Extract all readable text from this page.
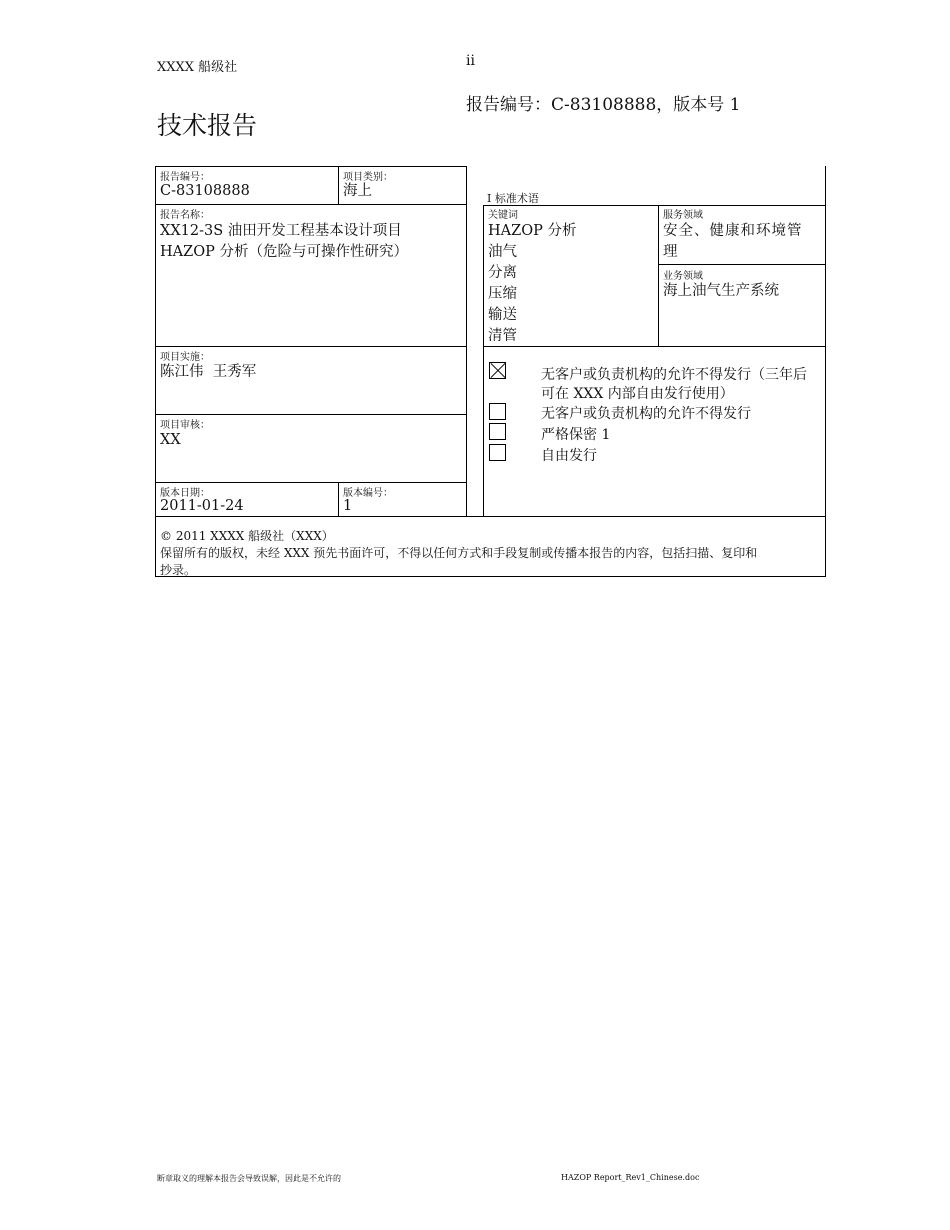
XXXX 船级社	ii
报告编号：C-83108888，版本号 1
技术报告
报告编号：
C-83108888
项目类别：
海上	I 标准术语
报告名称：
XX12-3S 油田开发工程基本设计项目
HAZOP 分析（危险与可操作性研究）
关键词
HAZOP 分析
油气
分离
压缩
输送
清管
服务领域
安全、健康和环境管
理
业务领域
海上油气生产系统
项目实施：
陈江伟  王秀军
项目审核：
XX
版本日期：
2011-01-24
版本编号：
1
无客户或负责机构的允许不得发行（三年后
可在 XXX 内部自由发行使用）
无客户或负责机构的允许不得发行
严格保密 1
自由发行
© 2011 XXXX 船级社（XXX）
保留所有的版权，未经 XXX 预先书面许可，不得以任何方式和手段复制或传播本报告的内容，包括扫描、复印和
抄录。
断章取义的理解本报告会导致误解，因此是不允许的	HAZOP Report_Rev1_Chinese.doc
